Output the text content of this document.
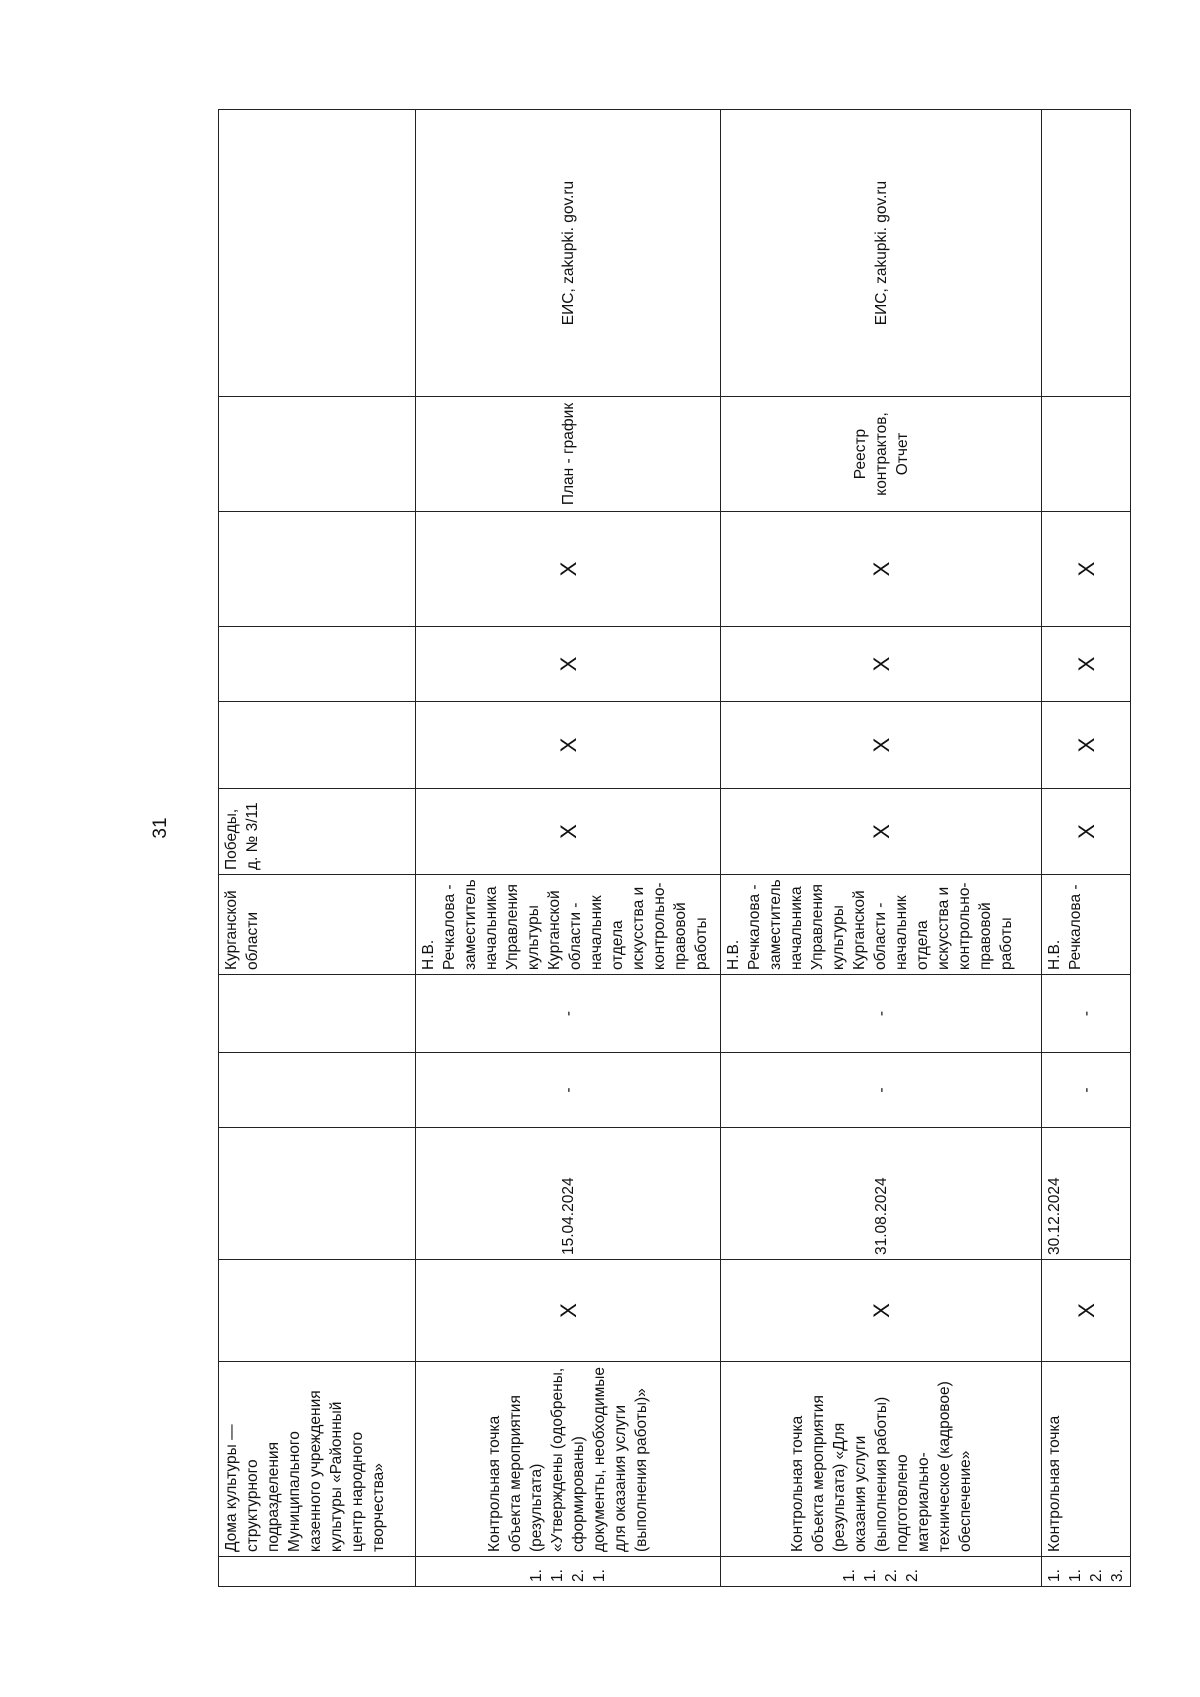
31
	Дома культуры — структурного подразделения Муниципального казенного учреждения культуры «Районный центр народного творчества»					Курганской области	Победы, д. № 3/11					
1.1.2.1.	Контрольная точка объекта мероприятия (результата) «Утверждены (одобрены, сформированы) документы, необходимые для оказания услуги (выполнения работы)»	X	15.04.2024	-	-	Н.В. Речкалова - заместитель начальника Управления культуры Курганской области - начальник отдела искусства и контрольно-правовой работы	X	X	X	X	План - график	ЕИС, zakupki. gov.ru
1.1.2.2.	Контрольная точка объекта мероприятия (результата) «Для оказания услуги (выполнения работы) подготовлено материально-техническое (кадровое) обеспечение»	X	31.08.2024	-	-	Н.В. Речкалова - заместитель начальника Управления культуры Курганской области - начальник отдела искусства и контрольно-правовой работы	X	X	X	X	Реестр контрактов, Отчет	ЕИС, zakupki. gov.ru
1.1.2.3.	Контрольная точка	X	30.12.2024	-	-	Н.В. Речкалова -	X	X	X	X		
